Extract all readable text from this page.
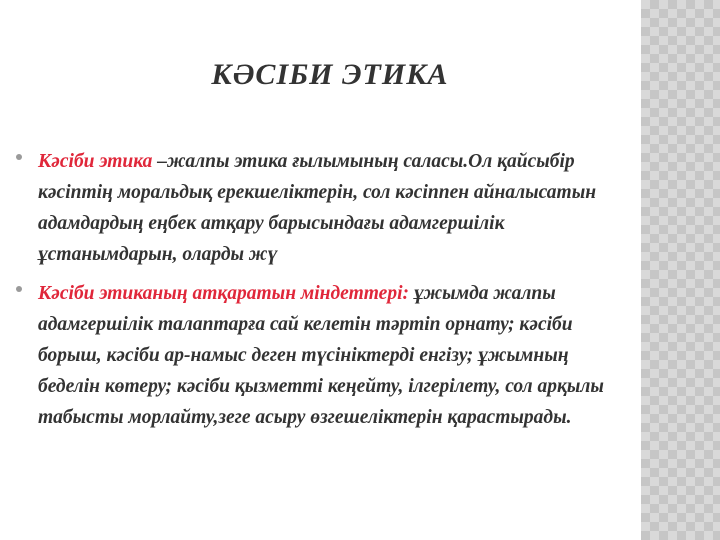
КӘСІБИ ЭТИКА
Кәсіби этика –жалпы этика ғылымының саласы.Ол қайсыбір кәсіптің моральдық ерекшеліктерін, сол кәсіппен айналысатын адамдардың еңбек атқару барысындағы адамгершілік ұстанымдарын, оларды жү
Кәсіби этиканың атқаратын міндеттері: ұжымда жалпы адамгершілік талаптарға сай келетін тәртіп орнату; кәсіби борыш, кәсіби ар-намыс деген түсініктерді енгізу; ұжымның беделін көтеру; кәсіби қызметті кеңейту, ілгерілету, сол арқылы табысты морлайту,зеге асыру өзгешеліктерін қарастырады.
